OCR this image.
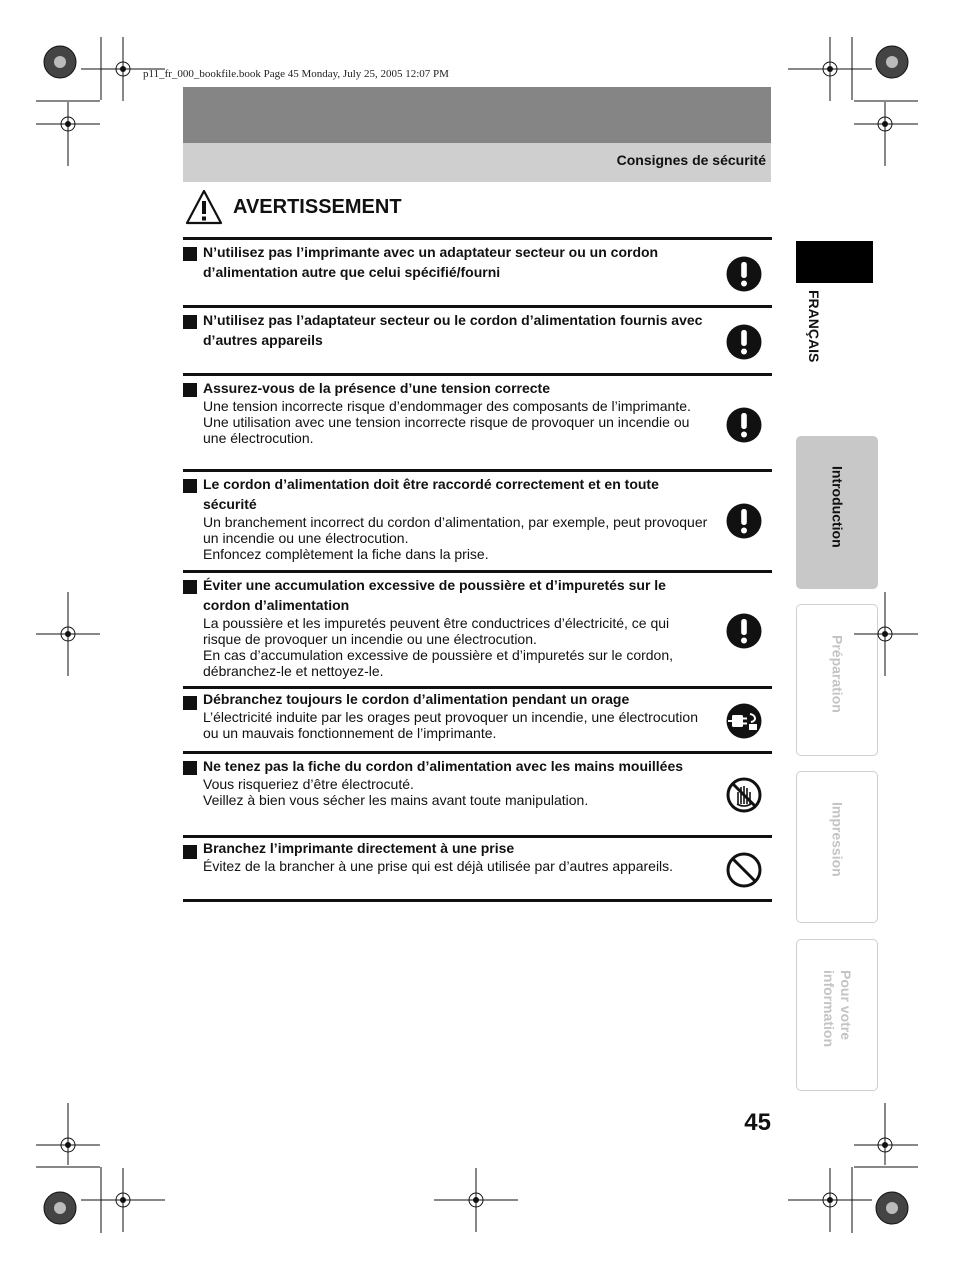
p11_fr_000_bookfile.book Page 45 Monday, July 25, 2005 12:07 PM
Consignes de sécurité
AVERTISSEMENT
N’utilisez pas l’imprimante avec un adaptateur secteur ou un cordon d’alimentation autre que celui spécifié/fourni
N’utilisez pas l’adaptateur secteur ou le cordon d’alimentation fournis avec d’autres appareils
Assurez-vous de la présence d’une tension correcte
Une tension incorrecte risque d’endommager des composants de l’imprimante.
Une utilisation avec une tension incorrecte risque de provoquer un incendie ou une électrocution.
Le cordon d’alimentation doit être raccordé correctement et en toute sécurité
Un branchement incorrect du cordon d’alimentation, par exemple, peut provoquer un incendie ou une électrocution.
Enfoncez complètement la fiche dans la prise.
Éviter une accumulation excessive de poussière et d’impuretés sur le cordon d’alimentation
La poussière et les impuretés peuvent être conductrices d’électricité, ce qui risque de provoquer un incendie ou une électrocution.
En cas d’accumulation excessive de poussière et d’impuretés sur le cordon, débranchez-le et nettoyez-le.
Débranchez toujours le cordon d’alimentation pendant un orage
L’électricité induite par les orages peut provoquer un incendie, une électrocution ou un mauvais fonctionnement de l’imprimante.
Ne tenez pas la fiche du cordon d’alimentation avec les mains mouillées
Vous risqueriez d’être électrocuté.
Veillez à bien vous sécher les mains avant toute manipulation.
Branchez l’imprimante directement à une prise
Évitez de la brancher à une prise qui est déjà utilisée par d’autres appareils.
FRANÇAIS
Introduction
Préparation
Impression
Pour votre
information
45
